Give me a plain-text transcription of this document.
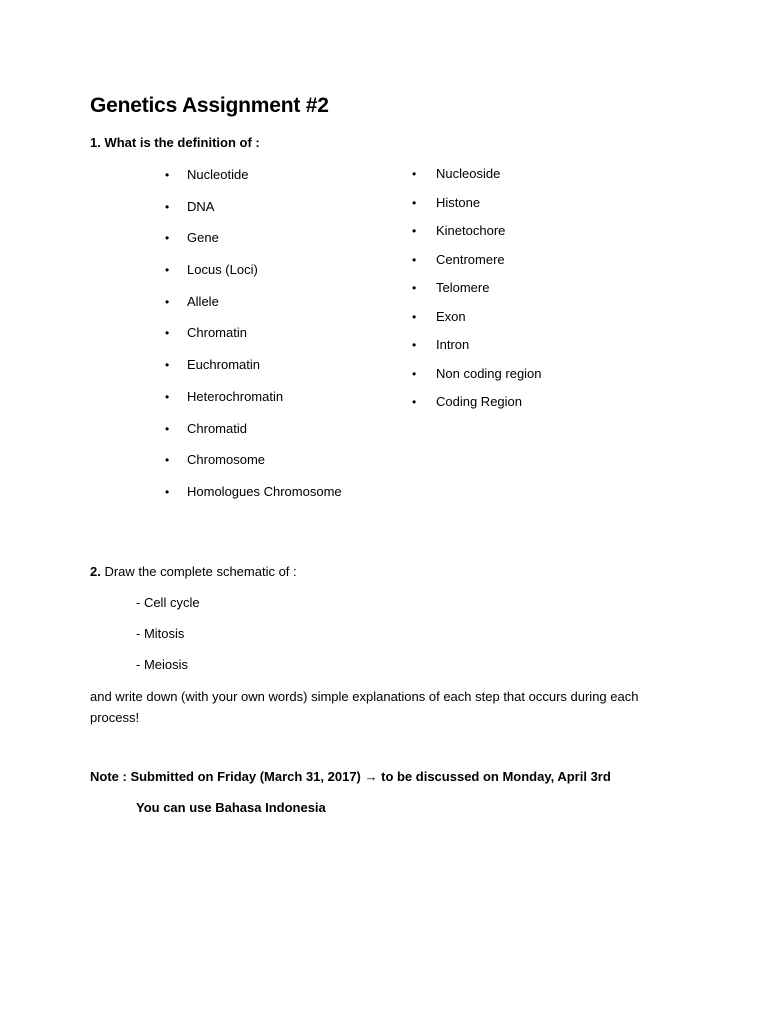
Genetics Assignment #2

1. What is the definition of :

• Nucleotide
• DNA
• Gene
• Locus (Loci)
• Allele
• Chromatin
• Euchromatin
• Heterochromatin
• Chromatid
• Chromosome
• Homologues Chromosome
• Nucleoside
• Histone
• Kinetochore
• Centromere
• Telomere
• Exon
• Intron
• Non coding region
• Coding Region

2. Draw the complete schematic of :

- Cell cycle
- Mitosis
- Meiosis

and write down (with your own words) simple explanations of each step that occurs during each process!

Note : Submitted on Friday (March 31, 2017) → to be discussed on Monday, April 3rd

You can use Bahasa Indonesia
